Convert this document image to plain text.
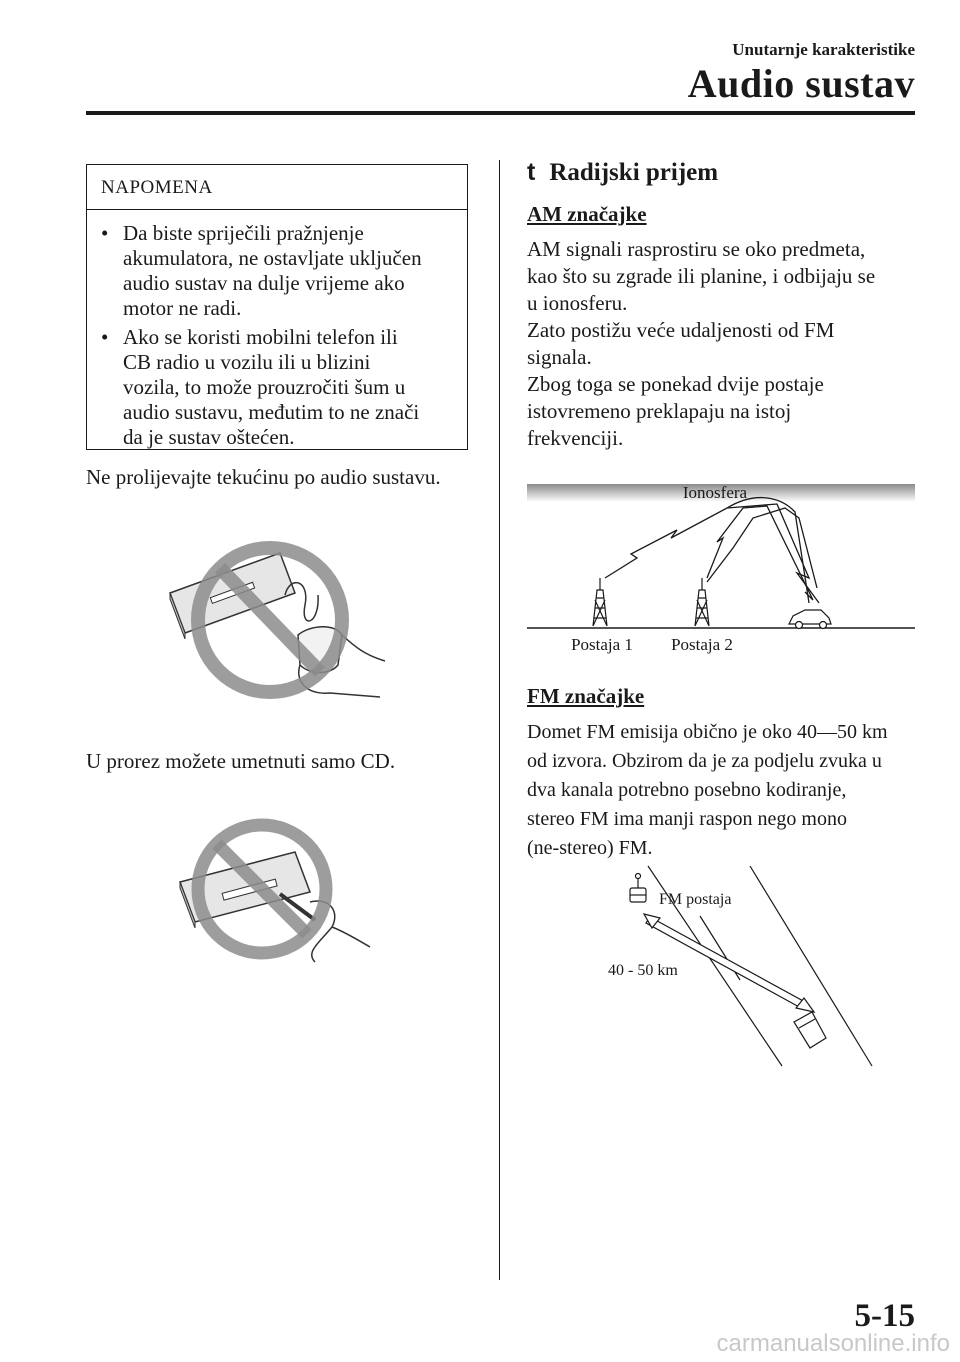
Unutarnje karakteristike
Audio sustav
NAPOMENA
• Da biste spriječili pražnjenje
akumulatora, ne ostavljate uključen
audio sustav na dulje vrijeme ako
motor ne radi.
• Ako se koristi mobilni telefon ili
CB radio u vozilu ili u blizini
vozila, to može prouzročiti šum u
audio sustavu, međutim to ne znači
da je sustav oštećen.
Ne prolijevajte tekućinu po audio sustavu.
U prorez možete umetnuti samo CD.
t Radijski prijem
AM značajke
AM signali rasprostiru se oko predmeta,
kao što su zgrade ili planine, i odbijaju se
u ionosferu.
Zato postižu veće udaljenosti od FM
signala.
Zbog toga se ponekad dvije postaje
istovremeno preklapaju na istoj
frekvenciji.
Ionosfera
Postaja 1 Postaja 2
FM značajke
Domet FM emisija obično je oko 40―50 km
od izvora. Obzirom da je za podjelu zvuka u
dva kanala potrebno posebno kodiranje,
stereo FM ima manji raspon nego mono
(ne-stereo) FM.
FM postaja
40 - 50 km
5-15
carmanualsonline.info
